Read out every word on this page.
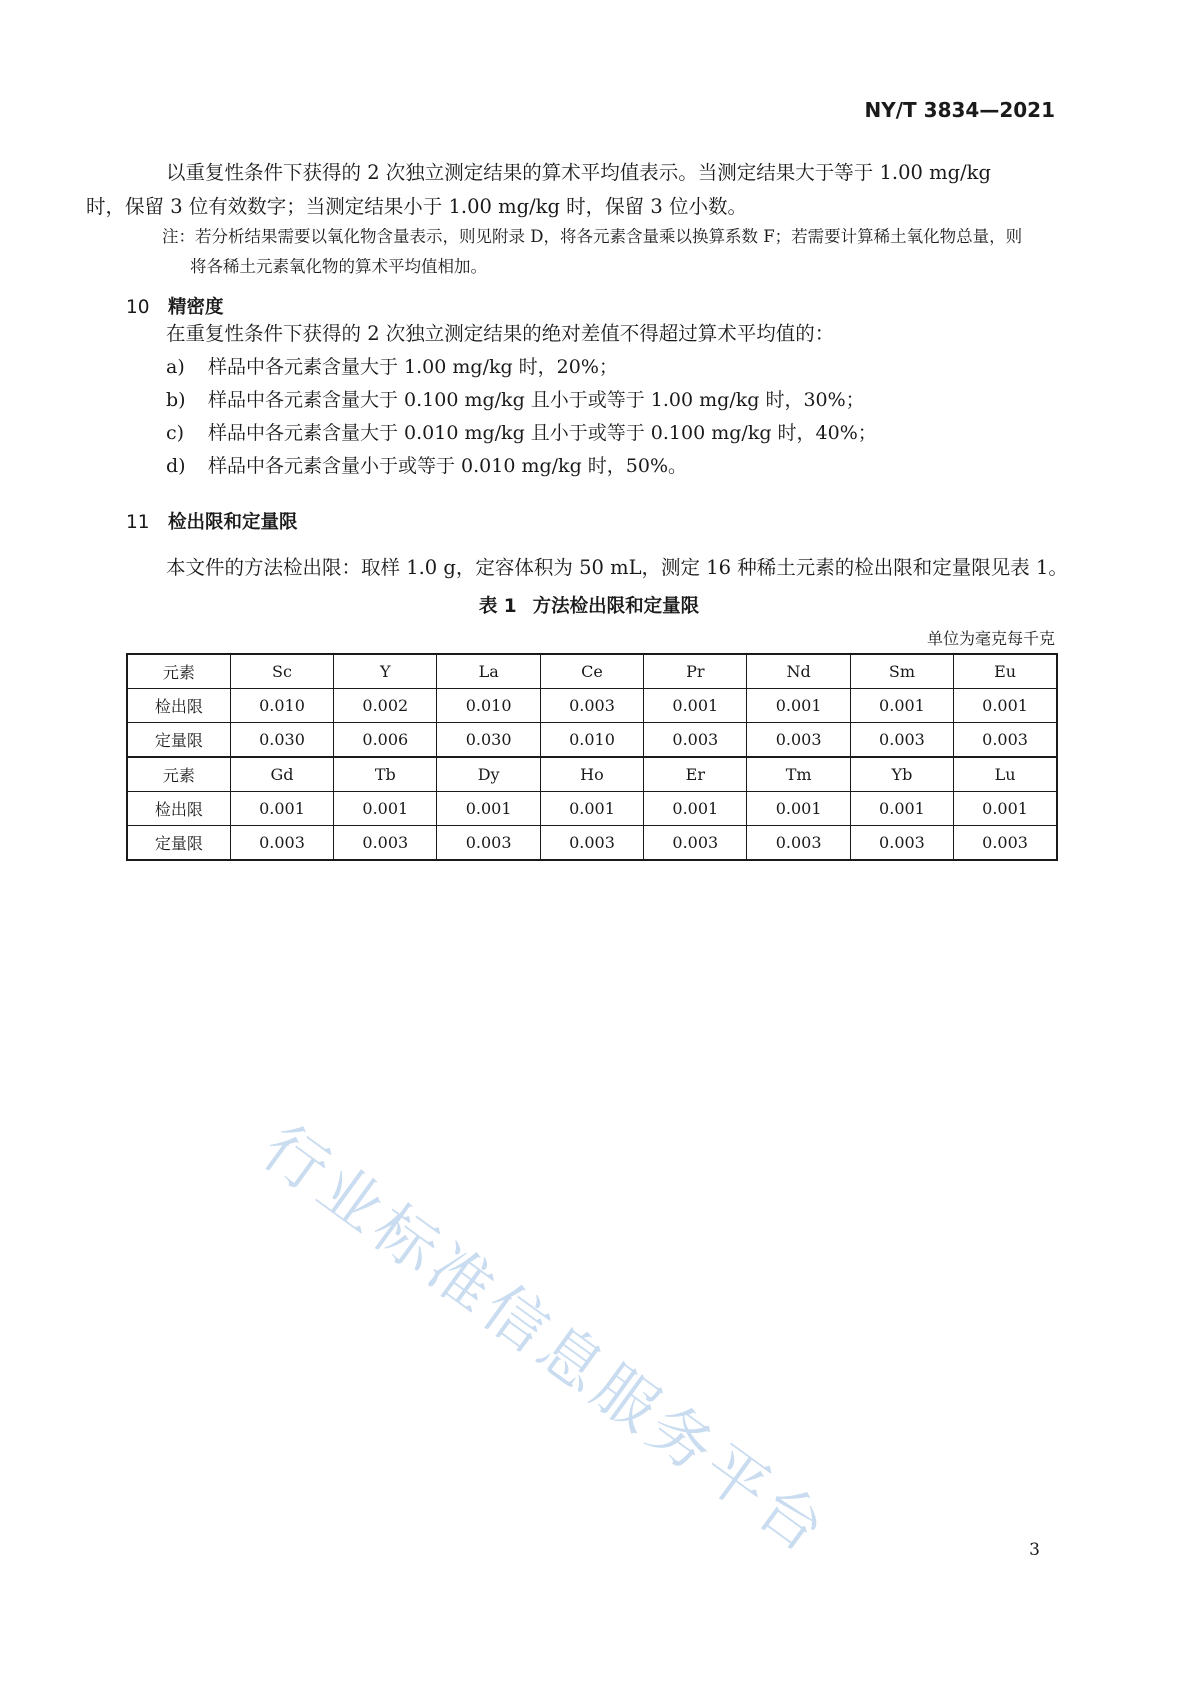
NY/T 3834—2021
以重复性条件下获得的 2 次独立测定结果的算术平均值表示。当测定结果大于等于 1.00 mg/kg
时，保留 3 位有效数字；当测定结果小于 1.00 mg/kg 时，保留 3 位小数。
注：若分析结果需要以氧化物含量表示，则见附录 D，将各元素含量乘以换算系数 F；若需要计算稀土氧化物总量，则
将各稀土元素氧化物的算术平均值相加。
10 精密度
在重复性条件下获得的 2 次独立测定结果的绝对差值不得超过算术平均值的：
a) 样品中各元素含量大于 1.00 mg/kg 时，20%；
b) 样品中各元素含量大于 0.100 mg/kg 且小于或等于 1.00 mg/kg 时，30%；
c) 样品中各元素含量大于 0.010 mg/kg 且小于或等于 0.100 mg/kg 时，40%；
d) 样品中各元素含量小于或等于 0.010 mg/kg 时，50%。
11 检出限和定量限
本文件的方法检出限：取样 1.0 g，定容体积为 50 mL，测定 16 种稀土元素的检出限和定量限见表 1。
表 1 方法检出限和定量限
单位为毫克每千克
元素	Sc	Y	La	Ce	Pr	Nd	Sm	Eu
检出限	0.010	0.002	0.010	0.003	0.001	0.001	0.001	0.001
定量限	0.030	0.006	0.030	0.010	0.003	0.003	0.003	0.003
元素	Gd	Tb	Dy	Ho	Er	Tm	Yb	Lu
检出限	0.001	0.001	0.001	0.001	0.001	0.001	0.001	0.001
定量限	0.003	0.003	0.003	0.003	0.003	0.003	0.003	0.003
行业标准信息服务平台	3
